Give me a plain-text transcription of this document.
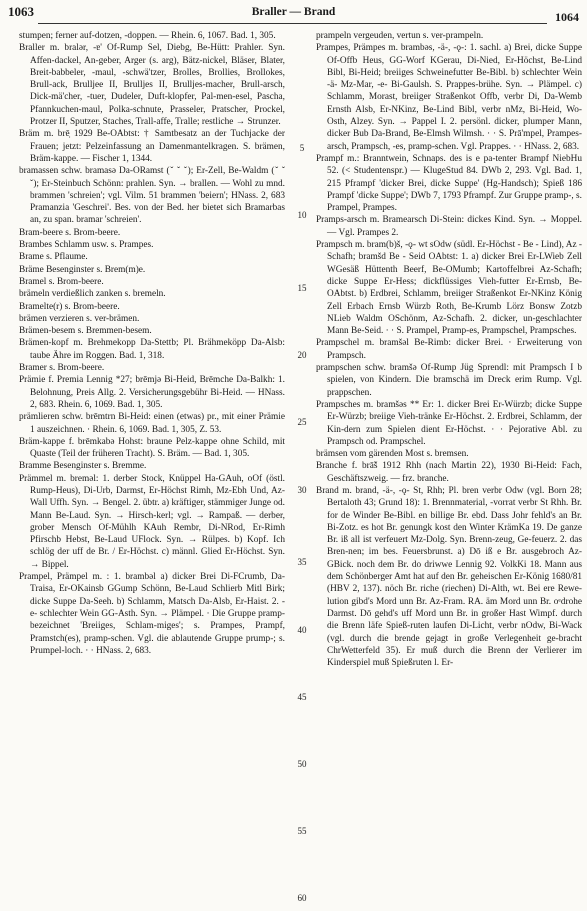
1063	Braller — Brand	1064

stumpen; ferner auf-dotzen, -doppen. — Rhein. 6, 1067. Bad. 1, 305.

Braller m. bralər, -ɐ' Of-Rump Sel, Diebg, Be-Hütt: Prahler. Syn. Affen-dackel, An-geber, Arger (s. arg), Bätz-nickel, Bläser, Blater, Breit-babbeler, -maul, -schwä'tzer, Brolles, Brollies, Brollokes, Brull-ack, Brulljee II, Brulljes II, Brulljes-macher, Brull-arsch, Dick-mä'cher, -tuer, Dudeler, Duft-klopfer, Pal-men-esel, Pascha, Pfannkuchen-maul, Polka-schnute, Prasseler, Pratscher, Prockel, Protzer II, Sputzer, Staches, Trall-affe, Tralle; restliche → Strunzer.

Bräm m. brē̜ 1929 Be-OAbtst: † Samtbesatz an der Tuchjacke der Frauen; jetzt: Pelzeinfassung an Damenmantelkragen. S. brämen, Bräm-kappe. — Fischer 1, 1344.

bramassen schw. bramasə Da-ORamst (ˇ ˇ ˇ); Er-Zell, Be-Waldm (ˇ ˇ ˇ); Er-Steinbuch Schönn: prahlen. Syn. → brallen. — Wohl zu mnd. brammen 'schreien'; vgl. Vilm. 51 brammen 'beiern'; HNass. 2, 683 Pramanzia 'Geschrei'. Bes. von der Bed. her bietet sich Bramarbas an, zu span. bramar 'schreien'.

Bram-beere s. Brom-beere.

Brambes Schlamm usw. s. Prampes.

Brame s. Pflaume.

Bräme Besenginster s. Brem(m)e.

Bramel s. Brom-beere.

brämeln verdießlich zanken s. bremeln.

Bramelte(r) s. Brom-beere.

brämen verzieren s. ver-brämen.

Brämen-besem s. Bremmen-besem.

Brämen-kopf m. Brehmekopp Da-Stettb; Pl. Brähmeköpp Da-Alsb: taube Ähre im Roggen. Bad. 1, 318.

Bramer s. Brom-beere.

Prämie f. Premia Lennig *27; brēmjə Bi-Heid, Brēmche Da-Balkh: 1. Belohnung, Preis Allg. 2. Versicherungsgebühr Bi-Heid. — HNass. 2, 683. Rhein. 6, 1069. Bad. 1, 305.

prämlieren schw. brēmtrn Bi-Heid: einen (etwas) pr., mit einer Prämie 1 auszeichnen. · Rhein. 6, 1069. Bad. 1, 305, Z. 53.

Bräm-kappe f. brēmkabə Hohst: braune Pelz-kappe ohne Schild, mit Quaste (Teil der früheren Tracht). S. Bräm. — Bad. 1, 305.

Bramme Besenginster s. Bremme.

Prämmel m. bremǝl: 1. derber Stock, Knüppel Ha-GAuh, oOf (östl. Rump-Heus), Di-Urb, Darmst, Er-Höchst Rimh, Mz-Ebh Und, Az-Wall Uffh. Syn. → Bengel. 2. übtr. a) kräftiger, stämmiger Junge od. Mann Be-Laud. Syn. → Hirsch-kerl; vgl. → Rampaß. — derber, grober Mensch Of-Mühlh KAuh Rembr, Di-NRod, Er-Rimh Pfirschb Hebst, Be-Laud UFlock. Syn. → Rülpes. b) Kopf. Ich schlög der uff de Br. / Er-Höchst. c) männl. Glied Er-Höchst. Syn. → Bippel.

Prampel, Prämpel m. : 1. brambǝl a) dicker Brei Di-FCrumb, Da-Traisa, Er-OKainsb GGump Schönn, Be-Laud Schlierb Mitl Birk; dicke Suppe Da-Seeh. b) Schlamm, Matsch Da-Alsb, Er-Haist. 2. -e- schlechter Wein GG-Asth. Syn. → Plämpel. · Die Gruppe pramp- bezeichnet 'Breiiges, Schlam-miges'; s. Prampes, Prampf, Pramstch(es), pramp-schen. Vgl. die ablautende Gruppe prump-; s. Prumpel-loch. · · HNass. 2, 683.

5
10
15
20
25
30
35
40
45
50
55
60

prampeln vergeuden, vertun s. ver-prampeln.

Prampes, Prämpes m. brambəs, -ä-, -ǫ-: 1. sachl. a) Brei, dicke Suppe Of-Offb Heus, GG-Worf KGerau, Di-Nied, Er-Höchst, Be-Lind Bibl, Bi-Heid; breiiges Schweinefutter Be-Bibl. b) schlechter Wein -ä- Mz-Mar, -e- Bi-Gaulsh. S. Prappes-brühe. Syn. → Plämpel. c) Schlamm, Morast, breiiger Straßenkot Offb, verbr Di, Da-Wemb Ernsth Alsb, Er-NKinz, Be-Lind Bibl, verbr nMz, Bi-Heid, Wo-Osth, Alzey. Syn. → Pappel I. 2. persönl. dicker, plumper Mann, dicker Bub Da-Brand, Be-Elmsh Wilmsh. · · S. Prā'mpel, Prampes-arsch, Prampsch, -es, pramp-schen. Vgl. Prappes. · · HNass. 2, 683.

Prampf m.: Branntwein, Schnaps. des is e pa-tenter Brampf NiebHu 52. (< Studentenspr.) — KlugeStud 84. DWb 2, 293. Vgl. Bad. 1, 215 Pframpf 'dicker Brei, dicke Suppe' (Hg-Handsch); Spieß 186 Prampf 'dicke Suppe'; DWb 7, 1793 Pframpf. Zur Gruppe pramp-, s. Prampel, Prampes.

Pramps-arsch m. Bramearsch Di-Stein: dickes Kind. Syn. → Moppel. — Vgl. Prampes 2.

Prampsch m. bram(b)š, -ǫ- wt sOdw (südl. Er-Höchst - Be - Lind), Az - Schafh; bramšd Be - Seid OAbtst: 1. a) dicker Brei Er-LWieb Zell WGesäß Hüttenth Beerf, Be-OMumb; Kartoffelbrei Az-Schafh; dicke Suppe Er-Hess; dickflüssiges Vieh-futter Er-Ernsb, Be-OAbtst. b) Erdbrei, Schlamm, breiiger Straßenkot Er-NKinz König Zell Erbach Ernsb Würzb Roth, Be-Krumb Lörz Bonsw Zotzb NLieb Waldm OSchönm, Az-Schafh. 2. dicker, un-geschlachter Mann Be-Seid. · · S. Prampel, Pramp-es, Prampschel, Prampsches.

Prampschel m. bramšǝl Be-Rimb: dicker Brei. · Erweiterung von Prampsch.

prampschen schw. bramšə Of-Rump Jüg Sprendl: mit Prampsch I b spielen, von Kindern. Die bramschä im Dreck erim Rump. Vgl. prappschen.

Prampsches m. bramšǝs ** Er: 1. dicker Brei Er-Würzb; dicke Suppe Er-Würzb; breiige Vieh-tränke Er-Höchst. 2. Erdbrei, Schlamm, der Kin-dern zum Spielen dient Er-Höchst. · · Pejorative Abl. zu Prampsch od. Prampschel.

brämsen vom gärenden Most s. bremsen.

Branche f. brā̃š 1912 Rhh (nach Martin 22), 1930 Bi-Heid: Fach, Geschäftszweig. — frz. branche.

Brand m. brand, -ä-, -ǫ- St, Rhh; Pl. bren verbr Odw (vgl. Born 28; Bertaloth 43; Grund 18): 1. Brennmaterial, -vorrat verbr St Rhh. Br. for de Winder Be-Bibl. en billige Br. ebd. Dass Johr fehld's an Br. Bi-Zotz. es hot Br. genungk kost den Winter KrämKa 19. De ganze Br. iß all ist verfeuert Mz-Dolg. Syn. Brenn-zeug, Ge-feuerz. 2. das Bren-nen; im bes. Feuersbrunst. a) Dō iß e Br. ausgebroch Az-GBick. noch dem Br. do driwwe Lennig 92. VolkKi 18. Mann aus dem Schönberger Amt hat auf den Br. geheischen Er-König 1680/81 (HBV 2, 137). nöch Br. riche (riechen) Di-Alth, wt. Bei ere Rewe-lution gibd's Mord unn Br. Az-Fram. RA. äm Mord unn Br. oᵉdrohe Darmst. Dō gehd's uff Mord unn Br. in großer Hast Wimpf. durch die Brenn läfe Spieß-ruten laufen Di-Licht, verbr nOdw, Bi-Wack (vgl. durch die brende gejagt in große Verlegenheit ge-bracht ChrWetterfeld 35). Er muß durch die Brenn der Verlierer im Kinderspiel muß Spießruten l. Er-
